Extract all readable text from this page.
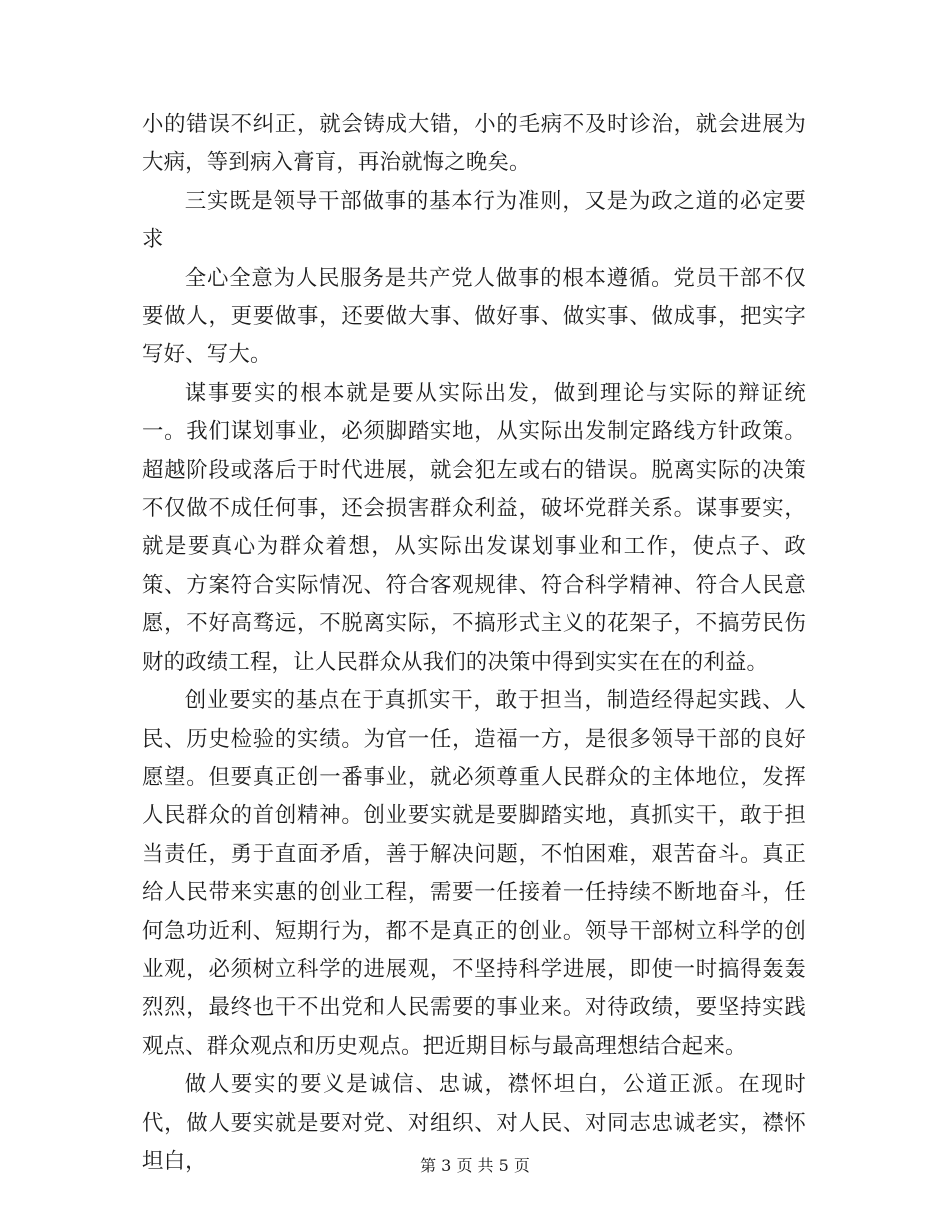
小的错误不纠正，就会铸成大错，小的毛病不及时诊治，就会进展为大病，等到病入膏肓，再治就悔之晚矣。

三实既是领导干部做事的基本行为准则，又是为政之道的必定要求

全心全意为人民服务是共产党人做事的根本遵循。党员干部不仅要做人，更要做事，还要做大事、做好事、做实事、做成事，把实字写好、写大。

谋事要实的根本就是要从实际出发，做到理论与实际的辩证统一。我们谋划事业，必须脚踏实地，从实际出发制定路线方针政策。超越阶段或落后于时代进展，就会犯左或右的错误。脱离实际的决策不仅做不成任何事，还会损害群众利益，破坏党群关系。谋事要实，就是要真心为群众着想，从实际出发谋划事业和工作，使点子、政策、方案符合实际情况、符合客观规律、符合科学精神、符合人民意愿，不好高骛远，不脱离实际，不搞形式主义的花架子，不搞劳民伤财的政绩工程，让人民群众从我们的决策中得到实实在在的利益。

创业要实的基点在于真抓实干，敢于担当，制造经得起实践、人民、历史检验的实绩。为官一任，造福一方，是很多领导干部的良好愿望。但要真正创一番事业，就必须尊重人民群众的主体地位，发挥人民群众的首创精神。创业要实就是要脚踏实地，真抓实干，敢于担当责任，勇于直面矛盾，善于解决问题，不怕困难，艰苦奋斗。真正给人民带来实惠的创业工程，需要一任接着一任持续不断地奋斗，任何急功近利、短期行为，都不是真正的创业。领导干部树立科学的创业观，必须树立科学的进展观，不坚持科学进展，即使一时搞得轰轰烈烈，最终也干不出党和人民需要的事业来。对待政绩，要坚持实践观点、群众观点和历史观点。把近期目标与最高理想结合起来。

做人要实的要义是诚信、忠诚，襟怀坦白，公道正派。在现时代，做人要实就是要对党、对组织、对人民、对同志忠诚老实，襟怀坦白，	第 3 页 共 5 页
